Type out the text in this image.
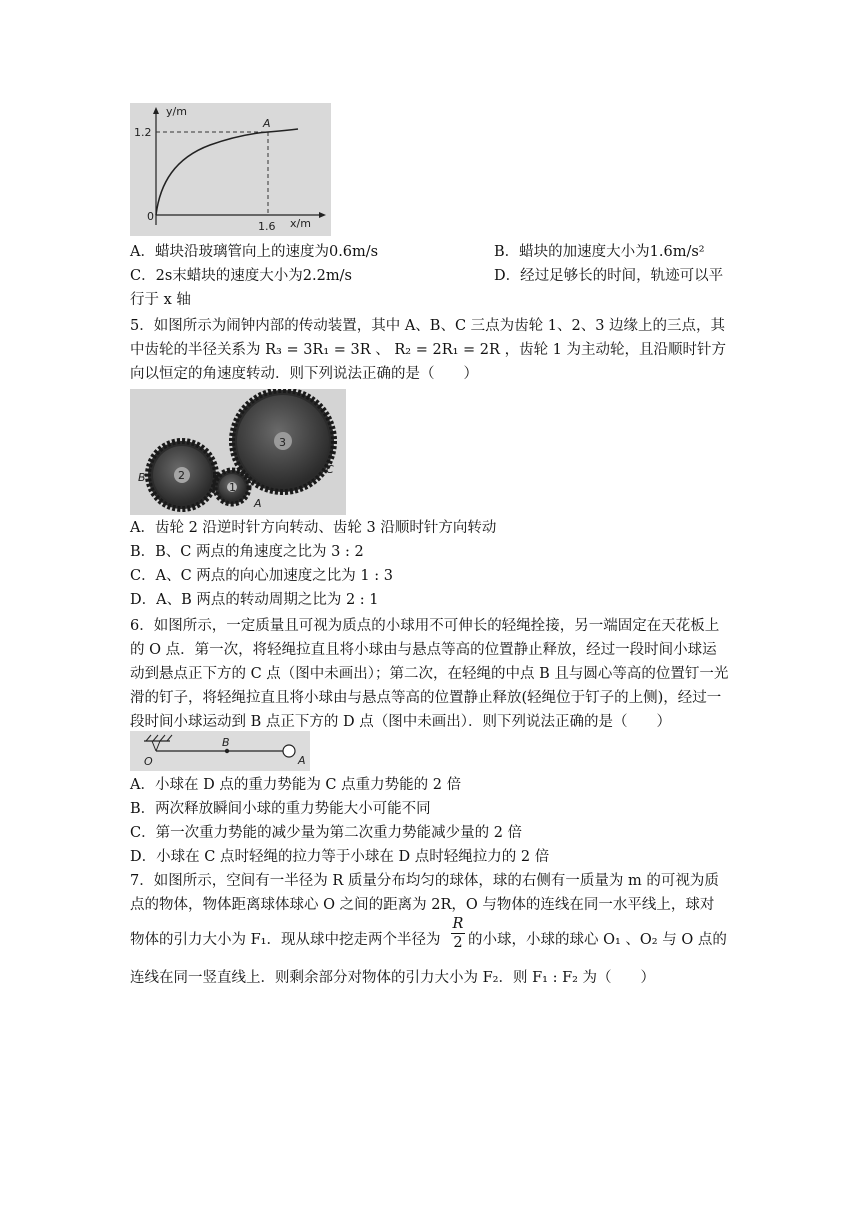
y/m
1.2
x/m
1.6
0
A
A．蜡块沿玻璃管向上的速度为0.6m/s	B．蜡块的加速度大小为1.6m/s²
C．2s末蜡块的速度大小为2.2m/s	D．经过足够长的时间，轨迹可以平
行于 x 轴
5．如图所示为闹钟内部的传动装置，其中 A、B、C 三点为齿轮 1、2、3 边缘上的三点，其中齿轮的半径关系为 R₃ = 3R₁ = 3R 、 R₂ = 2R₁ = 2R ，齿轮 1 为主动轮，且沿顺时针方向以恒定的角速度转动．则下列说法正确的是（　　）
3
2
1
B
C
A
A．齿轮 2 沿逆时针方向转动、齿轮 3 沿顺时针方向转动
B．B、C 两点的角速度之比为 3 : 2
C．A、C 两点的向心加速度之比为 1 : 3
D．A、B 两点的转动周期之比为 2 : 1
6．如图所示，一定质量且可视为质点的小球用不可伸长的轻绳拴接，另一端固定在天花板上的 O 点．第一次，将轻绳拉直且将小球由与悬点等高的位置静止释放，经过一段时间小球运动到悬点正下方的 C 点（图中未画出）；第二次，在轻绳的中点 B 且与圆心等高的位置钉一光滑的钉子，将轻绳拉直且将小球由与悬点等高的位置静止释放(轻绳位于钉子的上侧)，经过一段时间小球运动到 B 点正下方的 D 点（图中未画出）．则下列说法正确的是（　　）
O
B
A
A．小球在 D 点的重力势能为 C 点重力势能的 2 倍
B．两次释放瞬间小球的重力势能大小可能不同
C．第一次重力势能的减少量为第二次重力势能减少量的 2 倍
D．小球在 C 点时轻绳的拉力等于小球在 D 点时轻绳拉力的 2 倍
7．如图所示，空间有一半径为 R 质量分布均匀的球体，球的右侧有一质量为 m 的可视为质
点的物体，物体距离球体球心 O 之间的距离为 2R，O 与物体的连线在同一水平线上，球对
物体的引力大小为 F₁．现从球中挖走两个半径为 $\frac{R}{2}$ 的小球，小球的球心 O₁ 、O₂ 与 O 点的
连线在同一竖直线上．则剩余部分对物体的引力大小为 F₂．则 F₁ : F₂ 为（　　）
